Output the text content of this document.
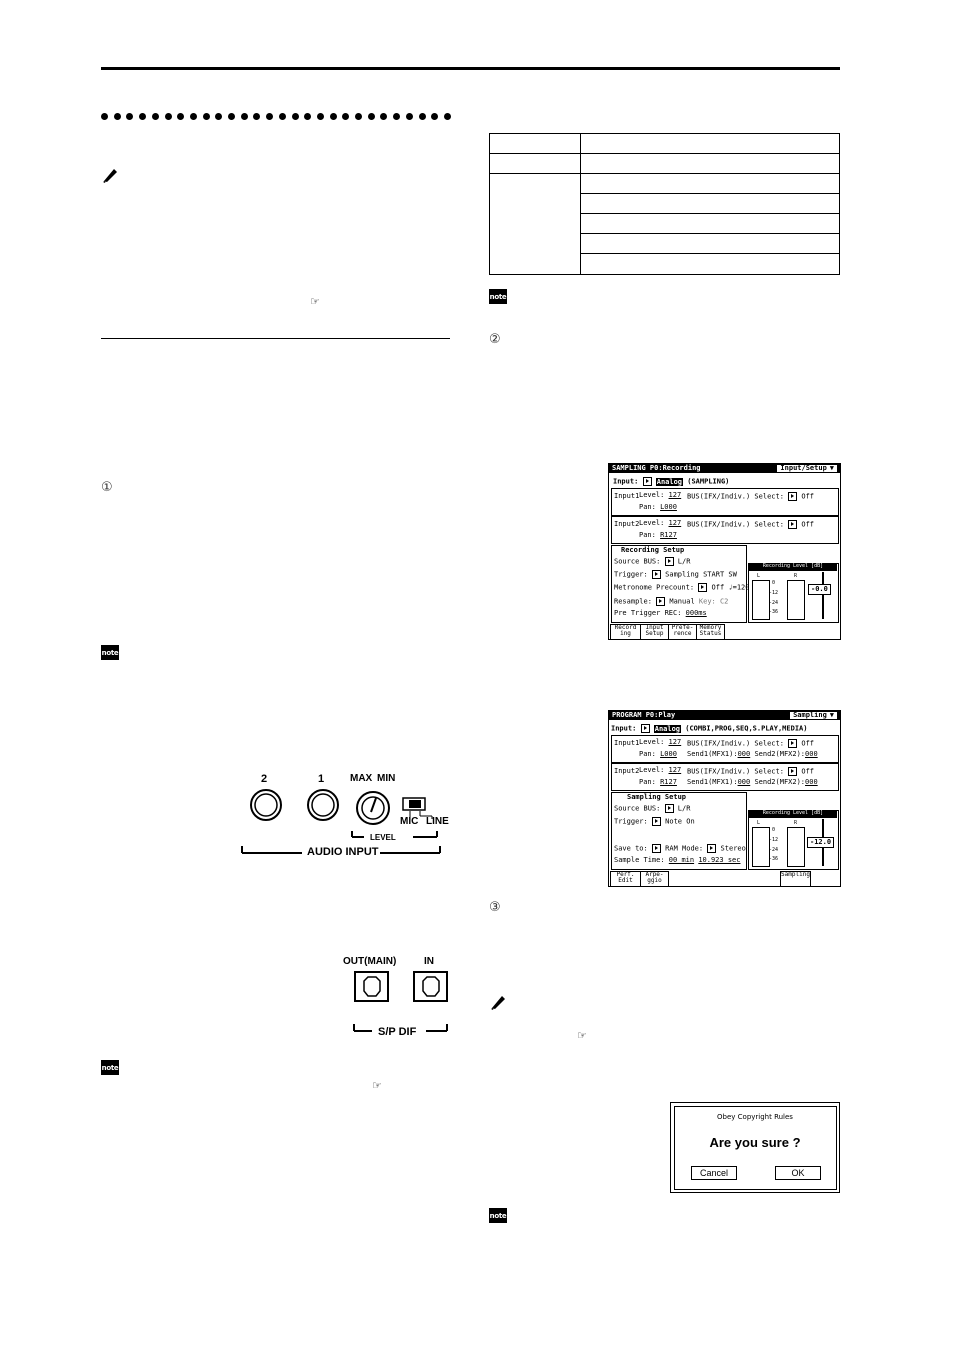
☞
①
note
2	1	MAX MIN
MIC LINE
LEVEL
AUDIO INPUT
OUT(MAIN)	IN
S/P DIF
note
☞

note
②
SAMPLING P0:Recording	Input/Setup ▼
Input:	Analog (SAMPLING)
Input1 Level: 127
Pan: L000
BUS(IFX/Indiv.) Select: Off
Input2 Level: 127
Pan: R127
BUS(IFX/Indiv.) Select: Off
Recording Setup
Source BUS: L/R
Trigger: Sampling START SW
Metronome Precount: Off ♩=120
Resample: Manual Key: C2
Pre Trigger REC: 000ms
Recording Level [dB]
L	R
0
-12
-24
-36
-0.0
Record ing
Input Setup
Prefe- rence
Memory Status
PROGRAM P0:Play	Sampling ▼
Input:	Analog (COMBI,PROG,SEQ,S.PLAY,MEDIA)
Input1 Level: 127
Pan: L000
BUS(IFX/Indiv.) Select: Off
Send1(MFX1):000 Send2(MFX2):000
Input2 Level: 127
Pan: R127
BUS(IFX/Indiv.) Select: Off
Send1(MFX1):000 Send2(MFX2):000
Sampling Setup
Source BUS: L/R
Trigger: Note On
Save to: RAM Mode: Stereo
Sample Time: 00 min 10.923 sec
Recording Level [dB]
L	R
0
-12
-24
-36
-12.0
Perf. Edit
Arpe- ggio
Sampling
③
☞
Obey Copyright Rules
Are you sure ?
Cancel	OK
note
